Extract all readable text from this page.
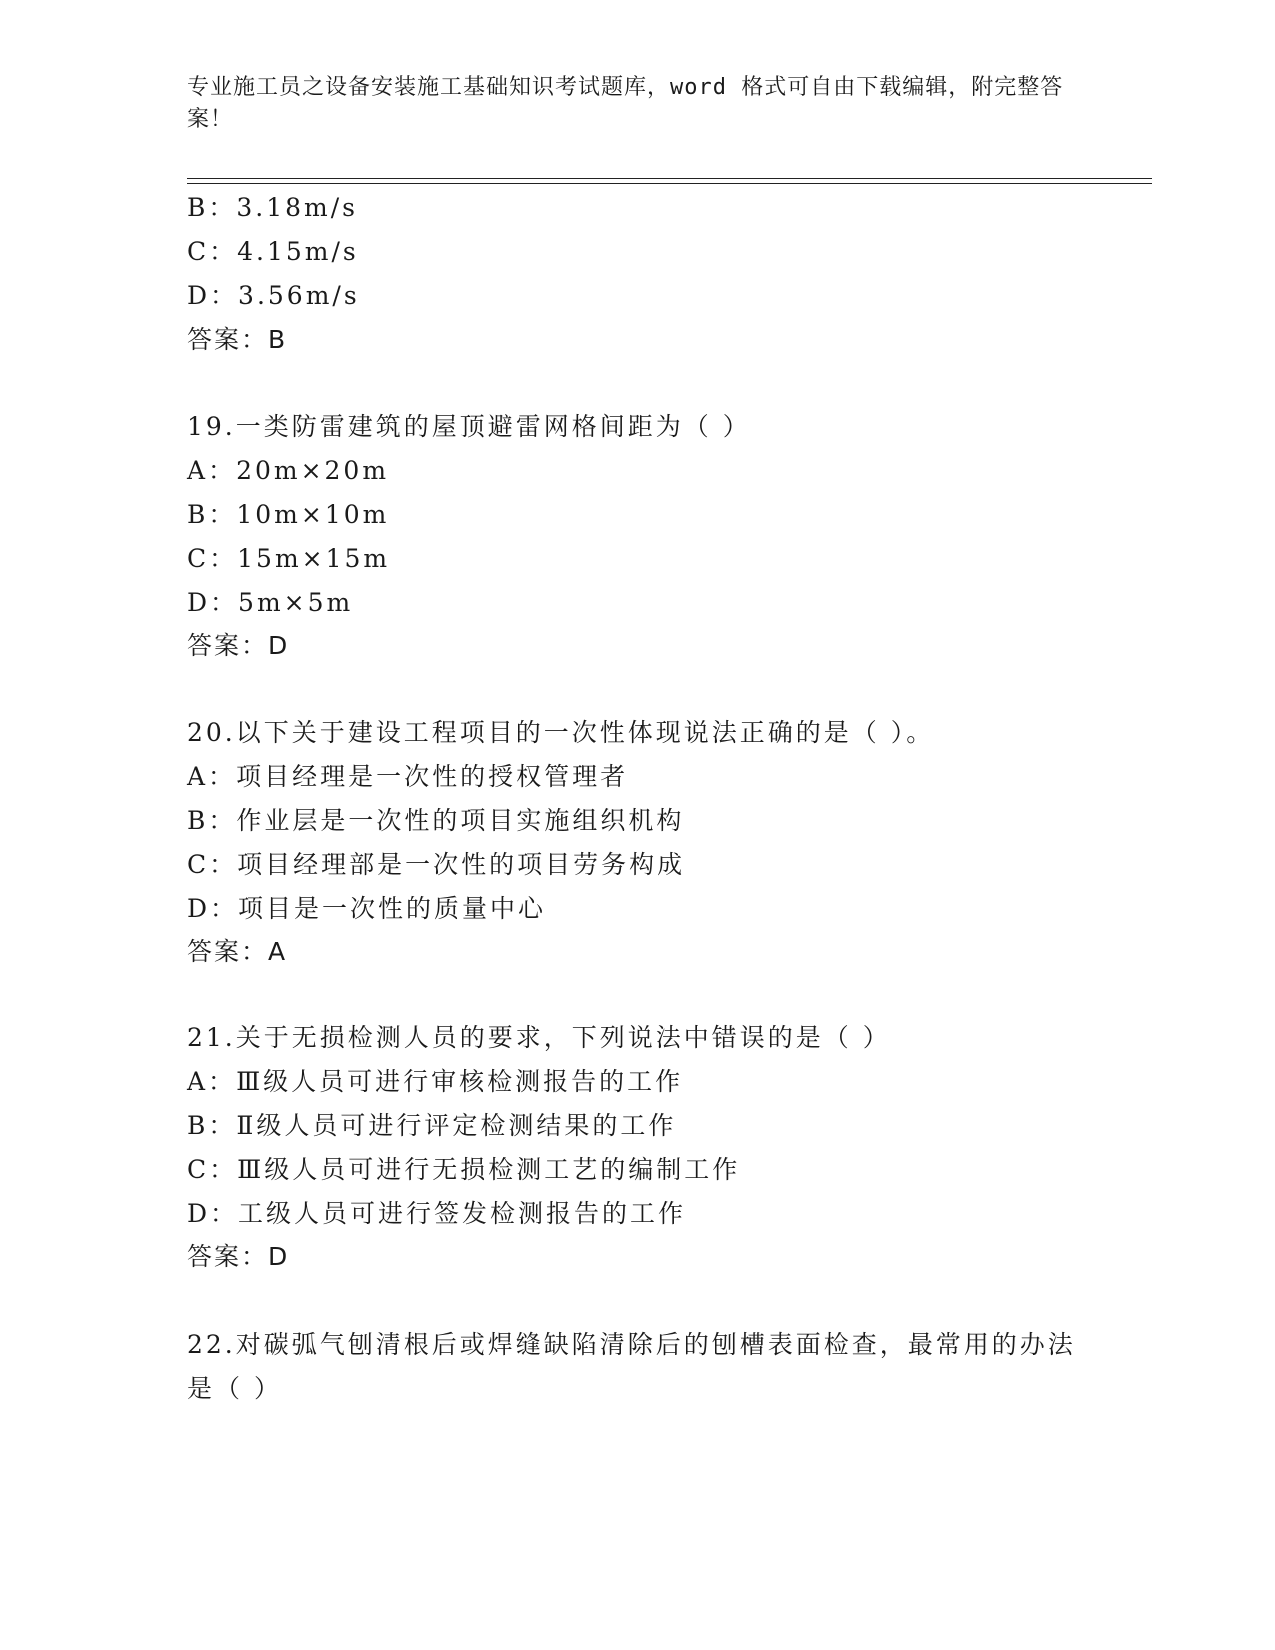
专业施工员之设备安装施工基础知识考试题库，word 格式可自由下载编辑，附完整答案！
B：3.18m/s
C：4.15m/s
D：3.56m/s
答案：B
19.一类防雷建筑的屋顶避雷网格间距为（ ）
A：20m×20m
B：10m×10m
C：15m×15m
D：5m×5m
答案：D
20.以下关于建设工程项目的一次性体现说法正确的是（ ）。
A：项目经理是一次性的授权管理者
B：作业层是一次性的项目实施组织机构
C：项目经理部是一次性的项目劳务构成
D：项目是一次性的质量中心
答案：A
21.关于无损检测人员的要求，下列说法中错误的是（ ）
A：Ⅲ级人员可进行审核检测报告的工作
B：Ⅱ级人员可进行评定检测结果的工作
C：Ⅲ级人员可进行无损检测工艺的编制工作
D：工级人员可进行签发检测报告的工作
答案：D
22.对碳弧气刨清根后或焊缝缺陷清除后的刨槽表面检查，最常用的办法是（ ）
